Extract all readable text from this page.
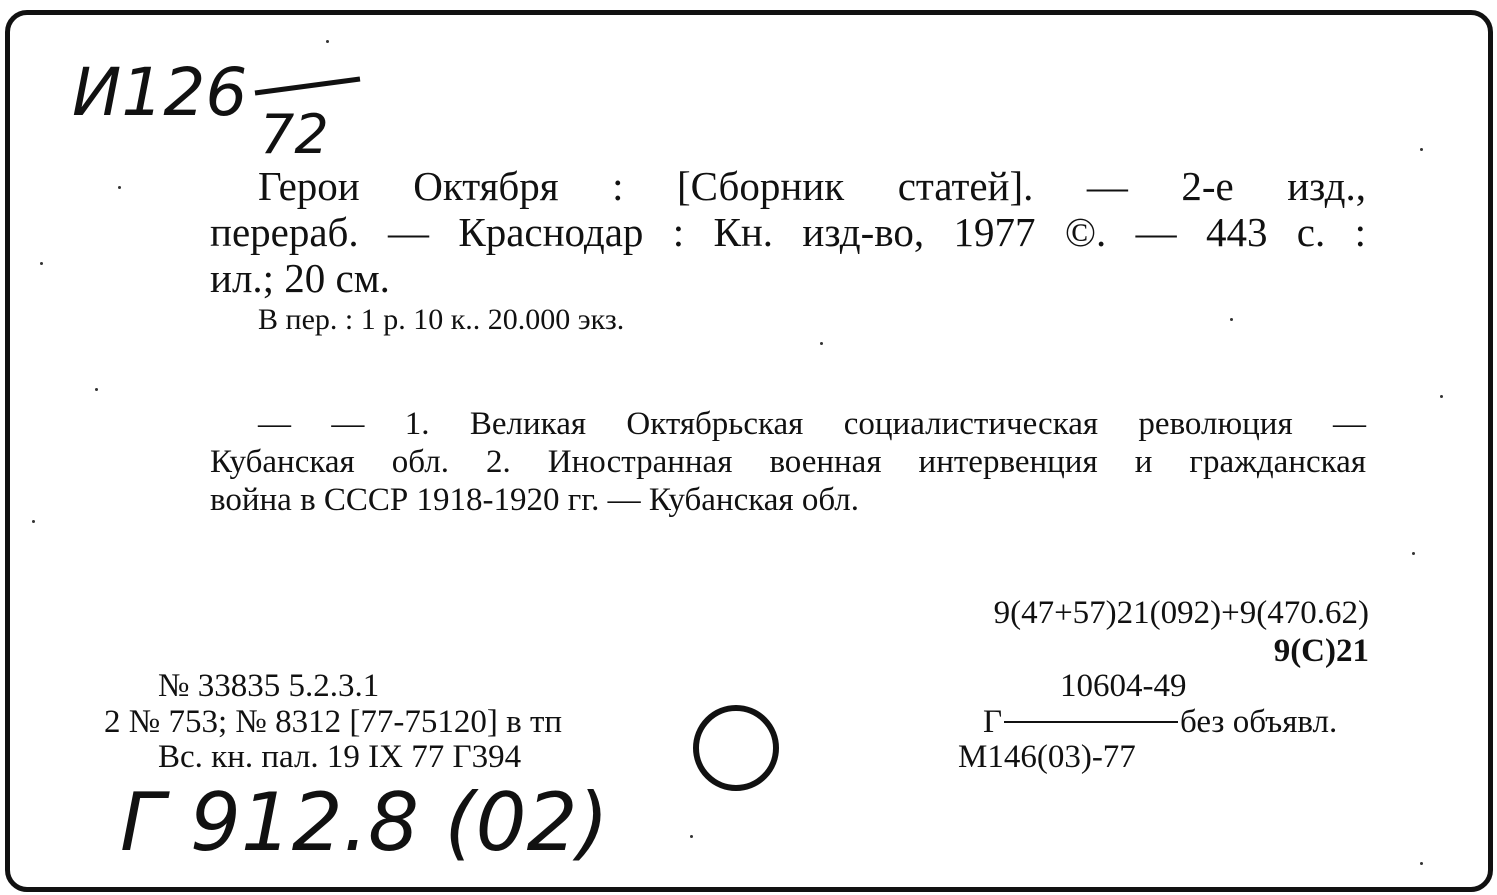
И126
72
Герои Октября : [Сборник статей]. — 2-е изд.,
перераб. — Краснодар : Кн. изд-во, 1977 ©. — 443 с. :
ил.; 20 см.
В пер. : 1 р. 10 к.. 20.000 экз.
— — 1. Великая Октябрьская социалистическая революция —
Кубанская обл. 2. Иностранная военная интервенция и гражданская
война в СССР 1918-1920 гг. — Кубанская обл.
9(47+57)21(092)+9(470.62)
9(C)21
10604-49
Г	без объявл.
М146(03)-77
№ 33835 5.2.3.1
2 № 753; № 8312 [77-75120] в тп
Вс. кн. пал. 19 IX 77 Г394
Г 912.8 (02)
